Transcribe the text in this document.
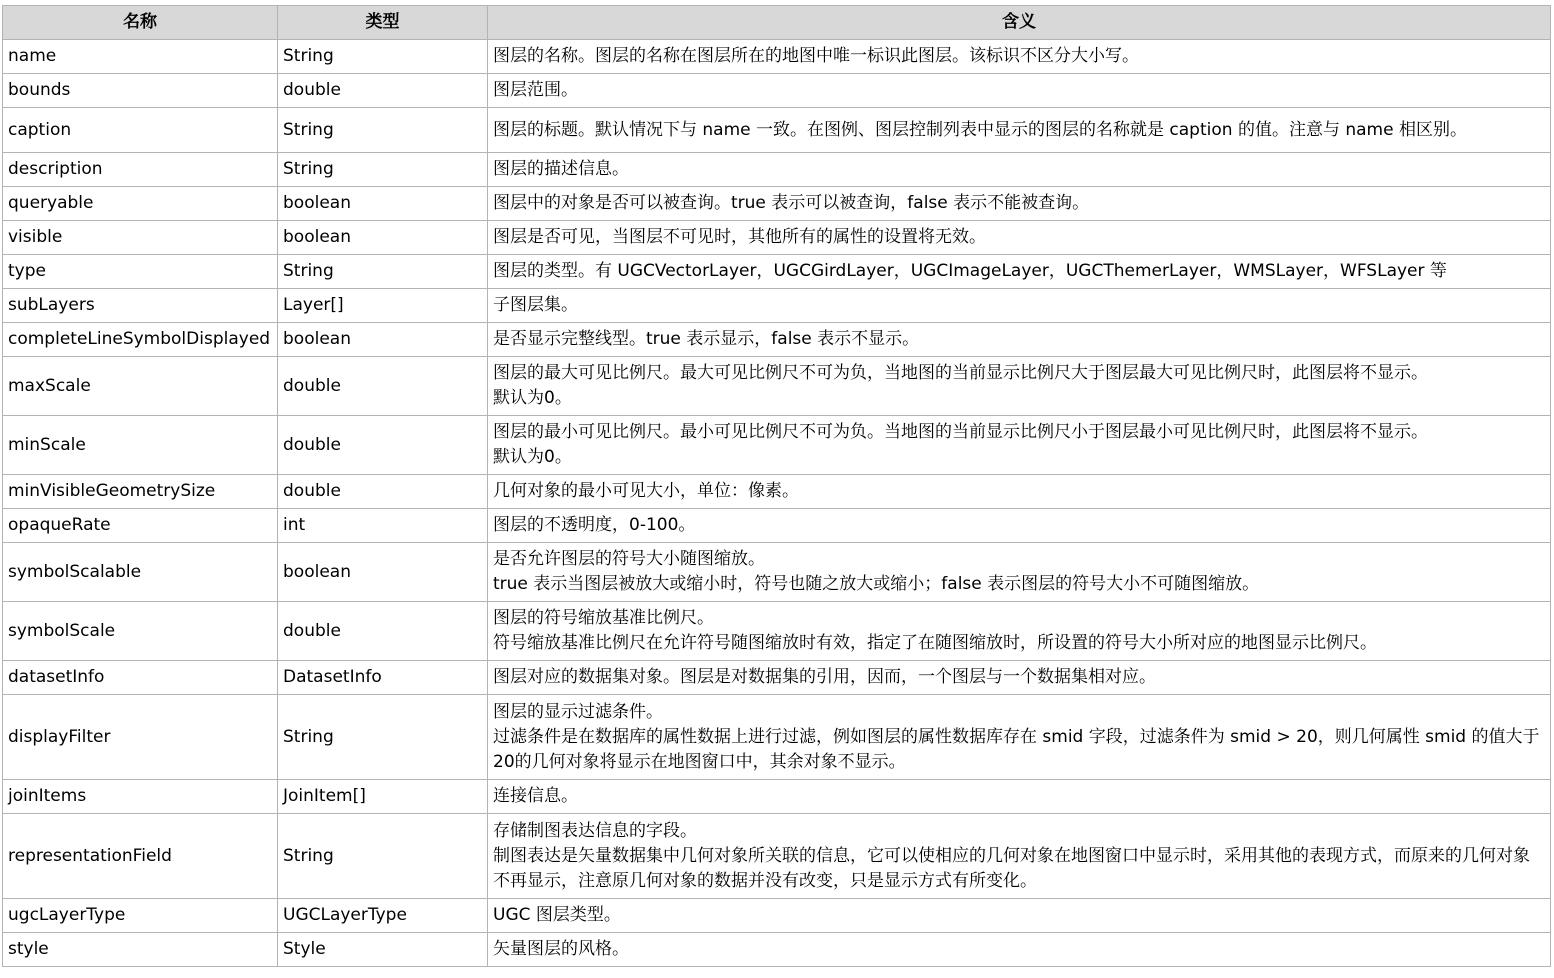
名称	类型	含义
name	String	图层的名称。图层的名称在图层所在的地图中唯一标识此图层。该标识不区分大小写。

bounds	double	图层范围。

caption	String	图层的标题。默认情况下与 name 一致。在图例、图层控制列表中显示的图层的名称就是 caption 的值。注意与 name 相区别。

description	String	图层的描述信息。

queryable	boolean	图层中的对象是否可以被查询。true 表示可以被查询，false 表示不能被查询。

visible	boolean	图层是否可见，当图层不可见时，其他所有的属性的设置将无效。

type	String	图层的类型。有 UGCVectorLayer，UGCGirdLayer，UGCImageLayer，UGCThemerLayer，WMSLayer，WFSLayer 等

subLayers	Layer[]	子图层集。

completeLineSymbolDisplayed	boolean	是否显示完整线型。true 表示显示，false 表示不显示。

maxScale	double	图层的最大可见比例尺。最大可见比例尺不可为负，当地图的当前显示比例尺大于图层最大可见比例尺时，此图层将不显示。
默认为0。

minScale	double	图层的最小可见比例尺。最小可见比例尺不可为负。当地图的当前显示比例尺小于图层最小可见比例尺时，此图层将不显示。
默认为0。

minVisibleGeometrySize	double	几何对象的最小可见大小，单位：像素。

opaqueRate	int	图层的不透明度，0-100。

symbolScalable	boolean	是否允许图层的符号大小随图缩放。
true 表示当图层被放大或缩小时，符号也随之放大或缩小；false 表示图层的符号大小不可随图缩放。

symbolScale	double	图层的符号缩放基准比例尺。
符号缩放基准比例尺在允许符号随图缩放时有效，指定了在随图缩放时，所设置的符号大小所对应的地图显示比例尺。

datasetInfo	DatasetInfo	图层对应的数据集对象。图层是对数据集的引用，因而，一个图层与一个数据集相对应。

displayFilter	String	图层的显示过滤条件。
过滤条件是在数据库的属性数据上进行过滤，例如图层的属性数据库存在 smid 字段，过滤条件为 smid > 20，则几何属性 smid 的值大于20的几何对象将显示在地图窗口中，其余对象不显示。

joinItems	JoinItem[]	连接信息。

representationField	String	存储制图表达信息的字段。
制图表达是矢量数据集中几何对象所关联的信息，它可以使相应的几何对象在地图窗口中显示时，采用其他的表现方式，而原来的几何对象不再显示，注意原几何对象的数据并没有改变，只是显示方式有所变化。

ugcLayerType	UGCLayerType	UGC 图层类型。

style	Style	矢量图层的风格。
